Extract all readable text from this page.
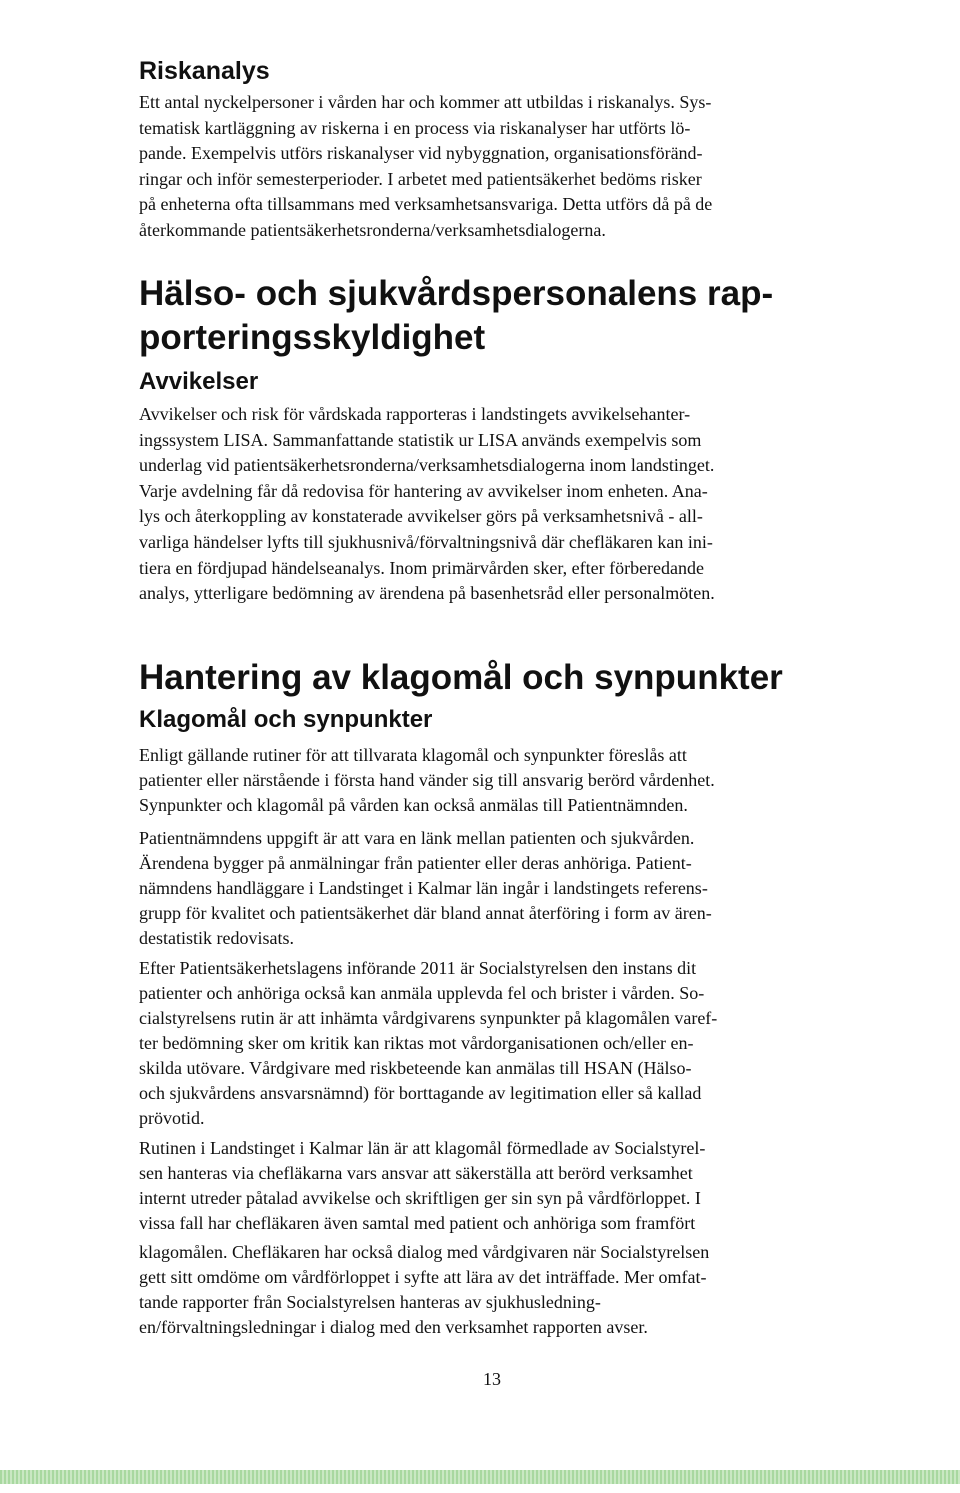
Riskanalys

Ett antal nyckelpersoner i vården har och kommer att utbildas i riskanalys. Sys-
tematisk kartläggning av riskerna i en process via riskanalyser har utförts lö-
pande. Exempelvis utförs riskanalyser vid nybyggnation, organisationsföränd-
ringar och inför semesterperioder. I arbetet med patientsäkerhet bedöms risker
på enheterna ofta tillsammans med verksamhetsansvariga. Detta utförs då på de
återkommande patientsäkerhetsronderna/verksamhetsdialogerna.

Hälso- och sjukvårdspersonalens rap-
porteringsskyldighet
Avvikelser

Avvikelser och risk för vårdskada rapporteras i landstingets avvikelsehanter-
ingssystem LISA. Sammanfattande statistik ur LISA används exempelvis som
underlag vid patientsäkerhetsronderna/verksamhetsdialogerna inom landstinget.
Varje avdelning får då redovisa för hantering av avvikelser inom enheten. Ana-
lys och återkoppling av konstaterade avvikelser görs på verksamhetsnivå - all-
varliga händelser lyfts till sjukhusnivå/förvaltningsnivå där chefläkaren kan ini-
tiera en fördjupad händelseanalys. Inom primärvården sker, efter förberedande
analys, ytterligare bedömning av ärendena på basenhetsråd eller personalmöten.

Hantering av klagomål och synpunkter
Klagomål och synpunkter

Enligt gällande rutiner för att tillvarata klagomål och synpunkter föreslås att
patienter eller närstående i första hand vänder sig till ansvarig berörd vårdenhet.
Synpunkter och klagomål på vården kan också anmälas till Patientnämnden.

Patientnämndens uppgift är att vara en länk mellan patienten och sjukvården.
Ärendena bygger på anmälningar från patienter eller deras anhöriga. Patient-
nämndens handläggare i Landstinget i Kalmar län ingår i landstingets referens-
grupp för kvalitet och patientsäkerhet där bland annat återföring i form av ären-
destatistik redovisats.

Efter Patientsäkerhetslagens införande 2011 är Socialstyrelsen den instans dit
patienter och anhöriga också kan anmäla upplevda fel och brister i vården. So-
cialstyrelsens rutin är att inhämta vårdgivarens synpunkter på klagomålen varef-
ter bedömning sker om kritik kan riktas mot vårdorganisationen och/eller en-
skilda utövare. Vårdgivare med riskbeteende kan anmälas till HSAN (Hälso-
och sjukvårdens ansvarsnämnd) för borttagande av legitimation eller så kallad
prövotid.

Rutinen i Landstinget i Kalmar län är att klagomål förmedlade av Socialstyrel-
sen hanteras via chefläkarna vars ansvar att säkerställa att berörd verksamhet
internt utreder påtalad avvikelse och skriftligen ger sin syn på vårdförloppet. I
vissa fall har chefläkaren även samtal med patient och anhöriga som framfört
klagomålen. Chefläkaren har också dialog med vårdgivaren när Socialstyrelsen
gett sitt omdöme om vårdförloppet i syfte att lära av det inträffade. Mer omfat-
tande rapporter från Socialstyrelsen hanteras av sjukhusledning-
en/förvaltningsledningar i dialog med den verksamhet rapporten avser.

13
